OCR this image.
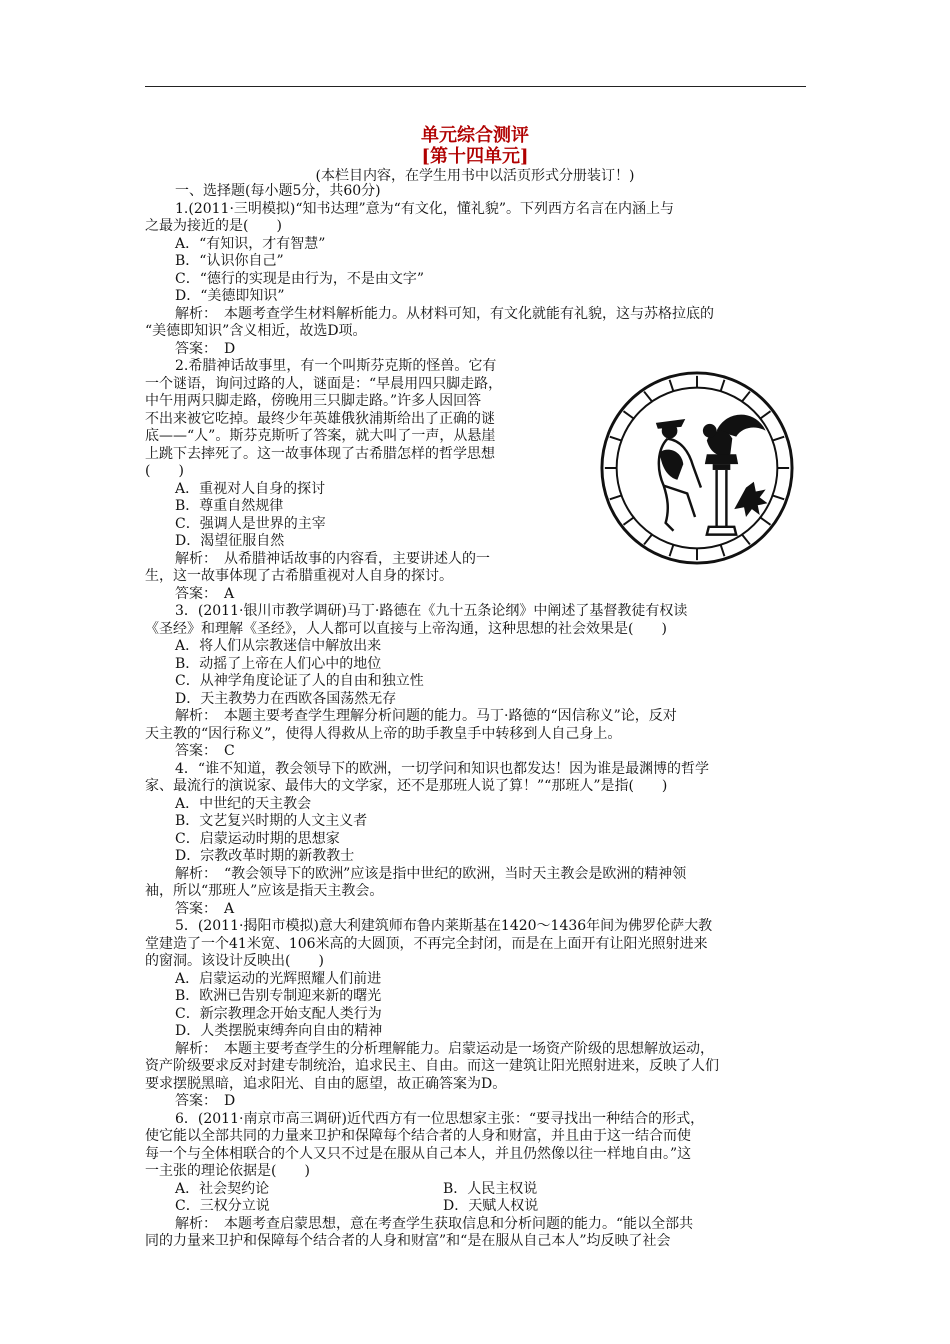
单元综合测评
[第十四单元]
(本栏目内容，在学生用书中以活页形式分册装订！)
一、选择题(每小题5分，共60分)
1.(2011·三明模拟)“知书达理”意为“有文化，懂礼貌”。下列西方名言在内涵上与
之最为接近的是(　　)
A．“有知识，才有智慧”
B．“认识你自己”
C．“德行的实现是由行为，不是由文字”
D．“美德即知识”
解析：　本题考查学生材料解析能力。从材料可知，有文化就能有礼貌，这与苏格拉底的
“美德即知识”含义相近，故选D项。
答案：　D
2.希腊神话故事里，有一个叫斯芬克斯的怪兽。它有
一个谜语，询问过路的人，谜面是：“早晨用四只脚走路，
中午用两只脚走路，傍晚用三只脚走路。”许多人因回答
不出来被它吃掉。最终少年英雄俄狄浦斯给出了正确的谜
底——“人”。斯芬克斯听了答案，就大叫了一声，从悬崖
上跳下去摔死了。这一故事体现了古希腊怎样的哲学思想
(　　)
A．重视对人自身的探讨
B．尊重自然规律
C．强调人是世界的主宰
D．渴望征服自然
解析：　从希腊神话故事的内容看，主要讲述人的一
生，这一故事体现了古希腊重视对人自身的探讨。
答案：　A
3．(2011·银川市教学调研)马丁·路德在《九十五条论纲》中阐述了基督教徒有权读
《圣经》和理解《圣经》，人人都可以直接与上帝沟通，这种思想的社会效果是(　　)
A．将人们从宗教迷信中解放出来
B．动摇了上帝在人们心中的地位
C．从神学角度论证了人的自由和独立性
D．天主教势力在西欧各国荡然无存
解析：　本题主要考查学生理解分析问题的能力。马丁·路德的“因信称义”论，反对
天主教的“因行称义”，使得人得救从上帝的助手教皇手中转移到人自己身上。
答案：　C
4．“谁不知道，教会领导下的欧洲，一切学问和知识也都发达！因为谁是最渊博的哲学
家、最流行的演说家、最伟大的文学家，还不是那班人说了算！”“那班人”是指(　　)
A．中世纪的天主教会
B．文艺复兴时期的人文主义者
C．启蒙运动时期的思想家
D．宗教改革时期的新教教士
解析：　“教会领导下的欧洲”应该是指中世纪的欧洲，当时天主教会是欧洲的精神领
袖，所以“那班人”应该是指天主教会。
答案：　A
5．(2011·揭阳市模拟)意大利建筑师布鲁内莱斯基在1420～1436年间为佛罗伦萨大教
堂建造了一个41米宽、106米高的大圆顶，不再完全封闭，而是在上面开有让阳光照射进来
的窗洞。该设计反映出(　　)
A．启蒙运动的光辉照耀人们前进
B．欧洲已告别专制迎来新的曙光
C．新宗教理念开始支配人类行为
D．人类摆脱束缚奔向自由的精神
解析：　本题主要考查学生的分析理解能力。启蒙运动是一场资产阶级的思想解放运动，
资产阶级要求反对封建专制统治，追求民主、自由。而这一建筑让阳光照射进来，反映了人们
要求摆脱黑暗，追求阳光、自由的愿望，故正确答案为D。
答案：　D
6．(2011·南京市高三调研)近代西方有一位思想家主张：“要寻找出一种结合的形式，
使它能以全部共同的力量来卫护和保障每个结合者的人身和财富，并且由于这一结合而使
每一个与全体相联合的个人又只不过是在服从自己本人，并且仍然像以往一样地自由。”这
一主张的理论依据是(　　)
A．社会契约论	B．人民主权说
C．三权分立说	D．天赋人权说
解析：　本题考查启蒙思想，意在考查学生获取信息和分析问题的能力。“能以全部共
同的力量来卫护和保障每个结合者的人身和财富”和“是在服从自己本人”均反映了社会
